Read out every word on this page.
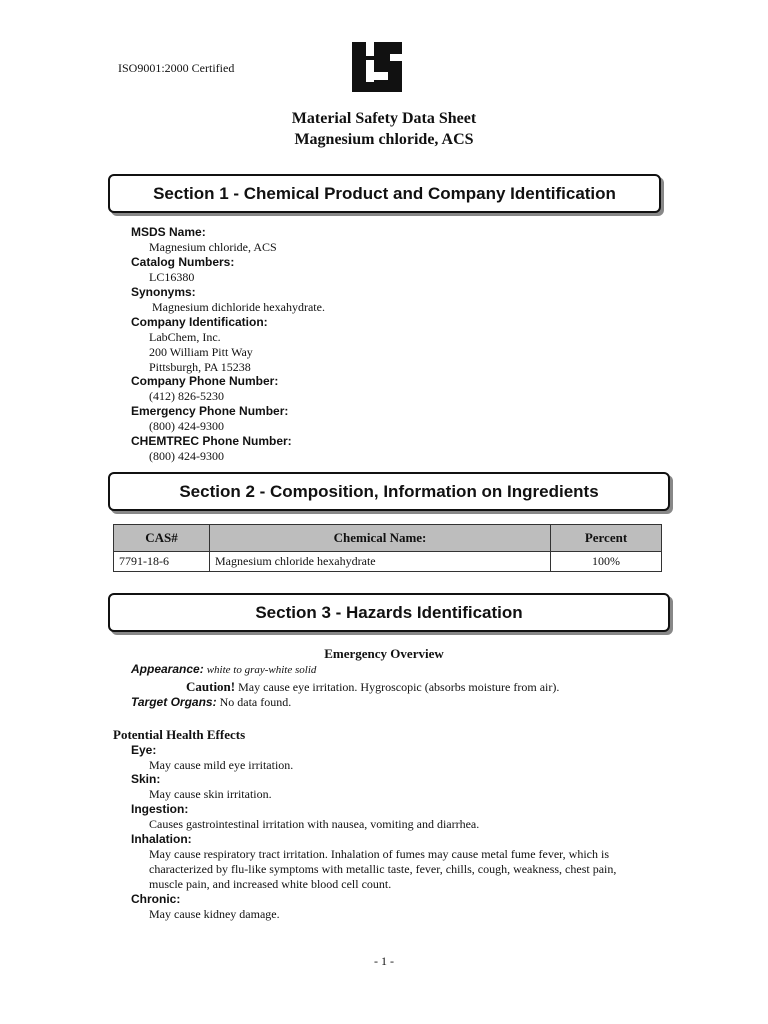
ISO9001:2000 Certified
Material Safety Data Sheet
Magnesium chloride, ACS
Section 1 - Chemical Product and Company Identification
MSDS Name:
Magnesium chloride, ACS
Catalog Numbers:
LC16380
Synonyms:
Magnesium dichloride hexahydrate.
Company Identification:
LabChem, Inc.
200 William Pitt Way
Pittsburgh, PA 15238
Company Phone Number:
(412) 826-5230
Emergency Phone Number:
(800) 424-9300
CHEMTREC Phone Number:
(800) 424-9300
Section 2 - Composition, Information on Ingredients
CAS#	Chemical Name:	Percent
7791-18-6	Magnesium chloride hexahydrate	100%
Section 3 - Hazards Identification
Emergency Overview
Appearance: white to gray-white solid
Caution! May cause eye irritation. Hygroscopic (absorbs moisture from air).
Target Organs: No data found.
Potential Health Effects
Eye:
May cause mild eye irritation.
Skin:
May cause skin irritation.
Ingestion:
Causes gastrointestinal irritation with nausea, vomiting and diarrhea.
Inhalation:
May cause respiratory tract irritation. Inhalation of fumes may cause metal fume fever, which is
characterized by flu-like symptoms with metallic taste, fever, chills, cough, weakness, chest pain,
muscle pain, and increased white blood cell count.
Chronic:
May cause kidney damage.
- 1 -
